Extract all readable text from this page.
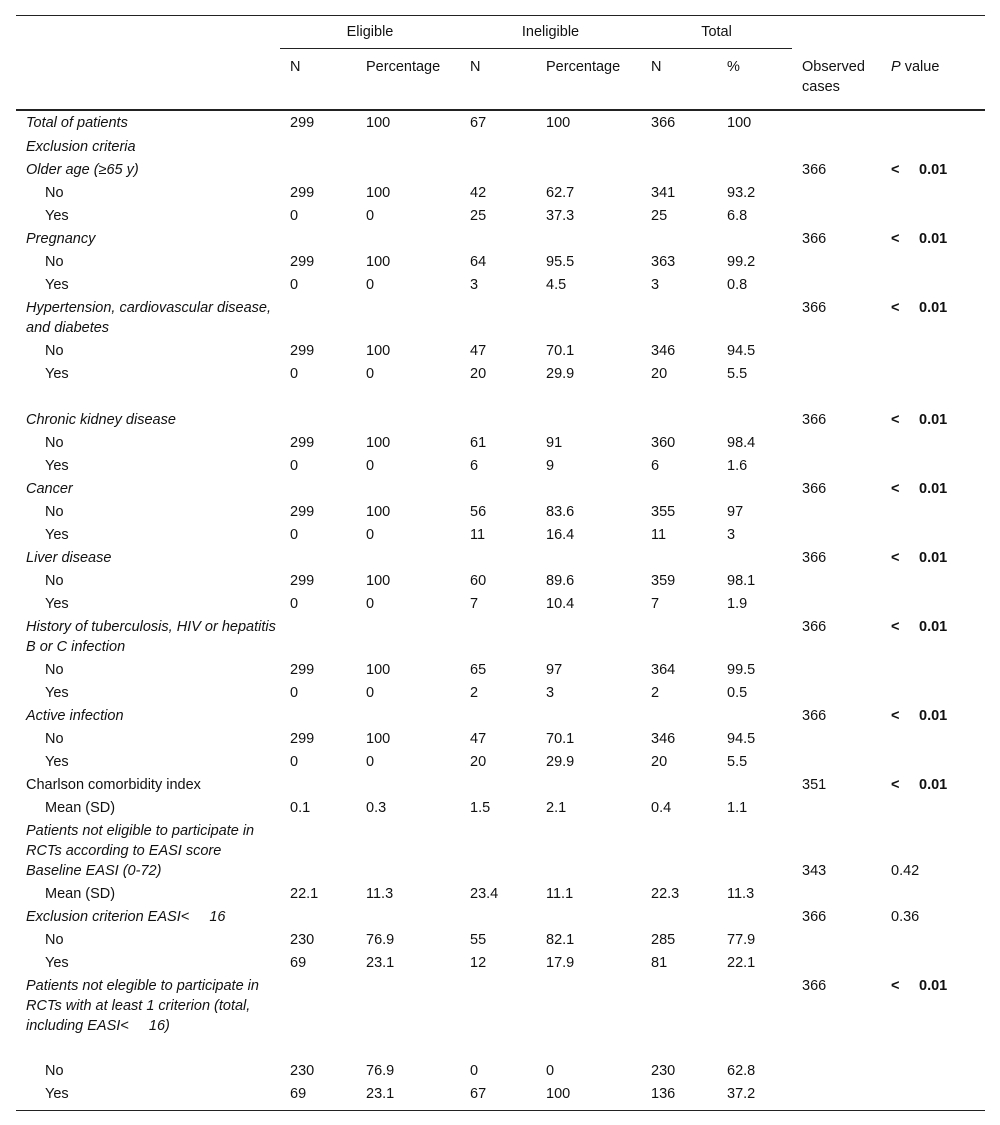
	Eligible		Ineligible		Total			

	N	Percentage	N	Percentage	N	%	Observed cases	P value
Total of patients	299	100	67	100	366	100		
Exclusion criteria								
Older age (≥65 y)							366	< 0.01
No	299	100	42	62.7	341	93.2		
Yes	0	0	25	37.3	25	6.8		
Pregnancy							366	< 0.01
No	299	100	64	95.5	363	99.2		
Yes	0	0	3	4.5	3	0.8		
Hypertension, cardiovascular disease, and diabetes							366	< 0.01
No	299	100	47	70.1	346	94.5		
Yes	0	0	20	29.9	20	5.5		
Chronic kidney disease							366	< 0.01
No	299	100	61	91	360	98.4		
Yes	0	0	6	9	6	1.6		
Cancer							366	< 0.01
No	299	100	56	83.6	355	97		
Yes	0	0	11	16.4	11	3		
Liver disease							366	< 0.01
No	299	100	60	89.6	359	98.1		
Yes	0	0	7	10.4	7	1.9		
History of tuberculosis, HIV or hepatitis B or C infection							366	< 0.01
No	299	100	65	97	364	99.5		
Yes	0	0	2	3	2	0.5		
Active infection							366	< 0.01
No	299	100	47	70.1	346	94.5		
Yes	0	0	20	29.9	20	5.5		
Charlson comorbidity index							351	< 0.01
Mean (SD)	0.1	0.3	1.5	2.1	0.4	1.1		
Patients not eligible to participate in RCTs according to EASI score								
Baseline EASI (0-72)							343	0.42
Mean (SD)	22.1	11.3	23.4	11.1	22.3	11.3		
Exclusion criterion EASI<     16							366	0.36
No	230	76.9	55	82.1	285	77.9		
Yes	69	23.1	12	17.9	81	22.1		
Patients not elegible to participate in RCTs with at least 1 criterion (total, including EASI<     16)							366	< 0.01
No	230	76.9	0	0	230	62.8		
Yes	69	23.1	67	100	136	37.2		
